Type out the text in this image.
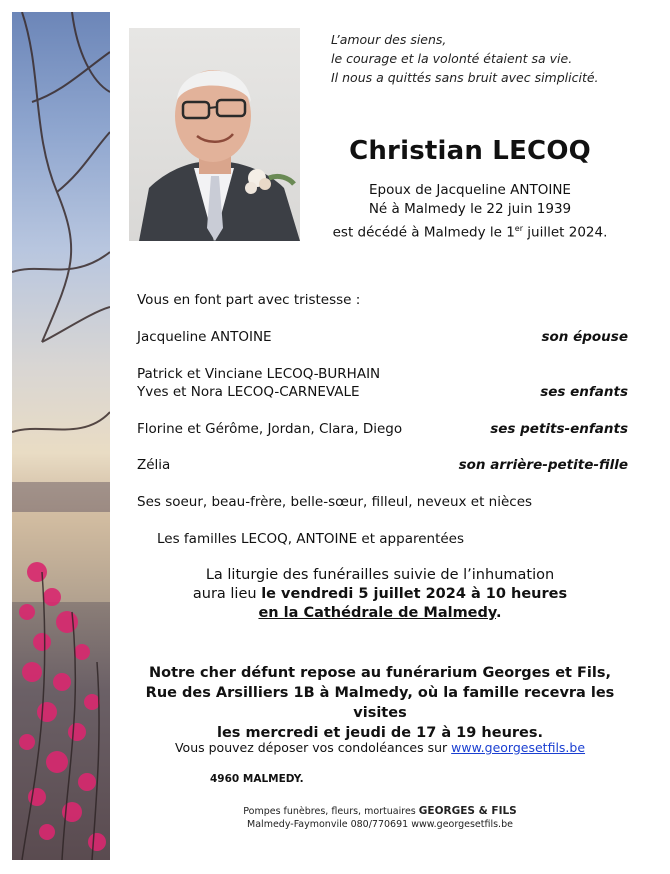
L’amour des siens,
le courage et la volonté étaient sa vie.
Il nous a quittés sans bruit avec simplicité.
Christian LECOQ
Epoux de Jacqueline ANTOINE
Né à Malmedy le 22 juin 1939
est décédé à Malmedy le 1er juillet 2024.
Vous en font part avec tristesse :
Jacqueline ANTOINE	son épouse
Patrick et Vinciane LECOQ-BURHAIN
Yves et Nora LECOQ-CARNEVALE	ses enfants
Florine et Gérôme, Jordan, Clara, Diego	ses petits-enfants
Zélia	son arrière-petite-fille
Ses soeur, beau-frère, belle-sœur, filleul, neveux et nièces
Les familles LECOQ, ANTOINE et apparentées
La liturgie des funérailles suivie de l’inhumation
aura lieu le vendredi 5 juillet 2024 à 10 heures
en la Cathédrale de Malmedy.
Notre cher défunt repose au funérarium Georges et Fils,
Rue des Arsilliers 1B à Malmedy, où la famille recevra les visites
les mercredi et jeudi de 17 à 19 heures.
Vous pouvez déposer vos condoléances sur www.georgesetfils.be
4960 MALMEDY.
Pompes funèbres, fleurs, mortuaires GEORGES & FILS
Malmedy-Faymonvile 080/770691 www.georgesetfils.be
